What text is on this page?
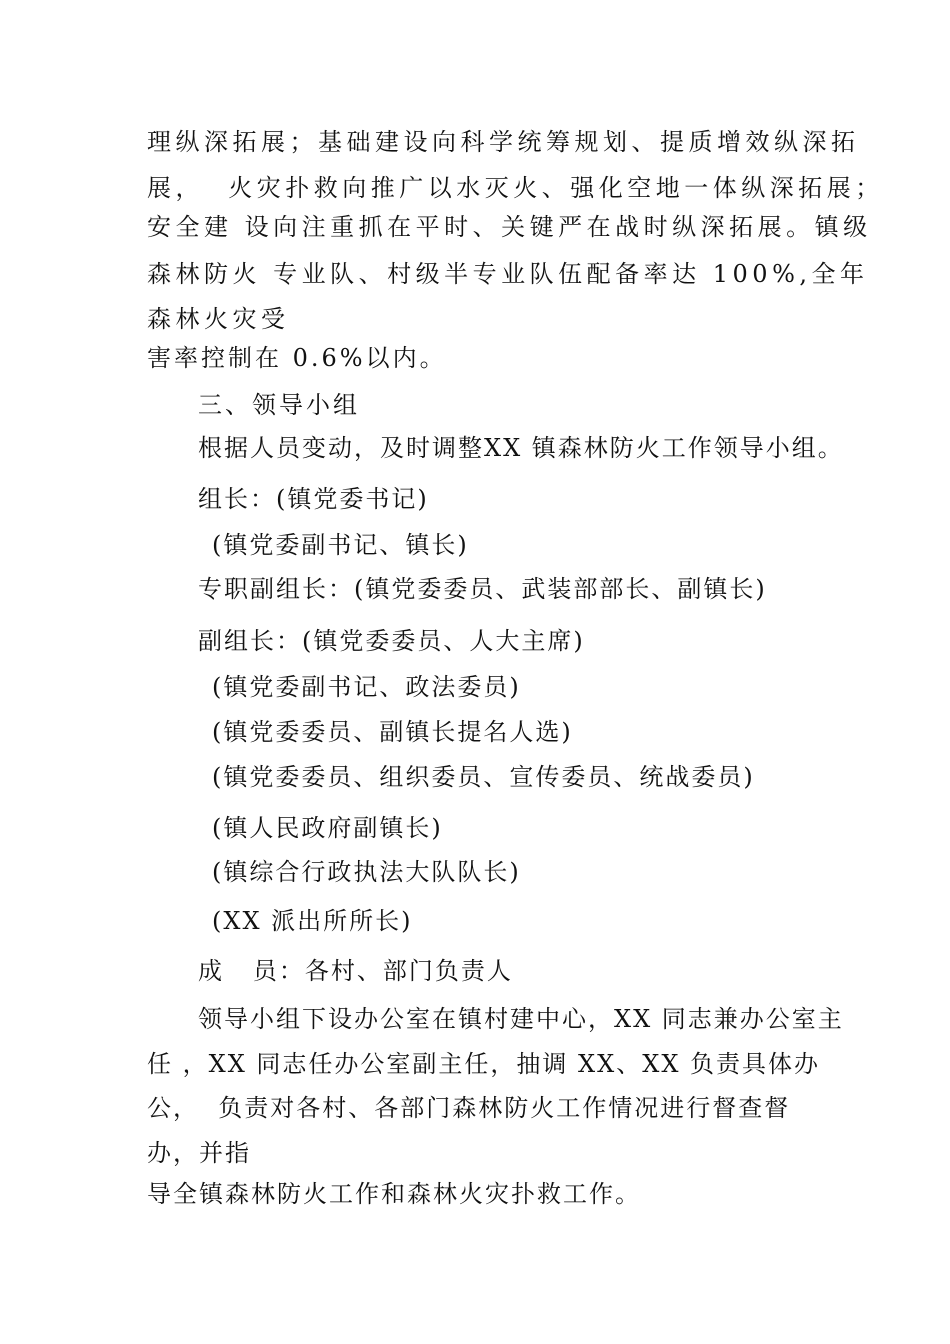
理纵深拓展；基础建设向科学统筹规划、提质增效纵深拓
展，  火灾扑救向推广以水灭火、强化空地一体纵深拓展；
安全建 设向注重抓在平时、关键严在战时纵深拓展。镇级
森林防火 专业队、村级半专业队伍配备率达 100%,全年
森林火灾受
害率控制在 0.6%以内。
三、领导小组
根据人员变动，及时调整XX 镇森林防火工作领导小组。
组长：(镇党委书记)
(镇党委副书记、镇长)
专职副组长：(镇党委委员、武装部部长、副镇长)
副组长：(镇党委委员、人大主席)
(镇党委副书记、政法委员)
(镇党委委员、副镇长提名人选)
(镇党委委员、组织委员、宣传委员、统战委员)
(镇人民政府副镇长)
(镇综合行政执法大队队长)
(XX 派出所所长)
成   员：各村、部门负责人
领导小组下设办公室在镇村建中心，XX 同志兼办公室主
任 ，XX 同志任办公室副主任，抽调 XX、XX 负责具体办
公，  负责对各村、各部门森林防火工作情况进行督查督
办，并指
导全镇森林防火工作和森林火灾扑救工作。
